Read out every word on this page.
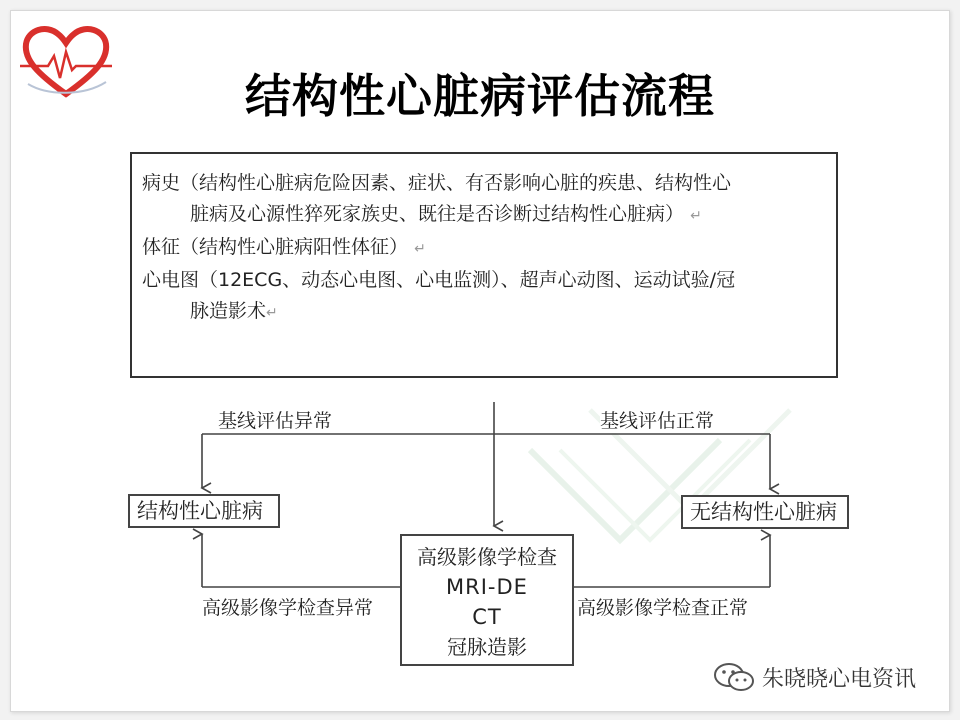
结构性心脏病评估流程
病史（结构性心脏病危险因素、症状、有否影响心脏的疾患、结构性心
脏病及心源性猝死家族史、既往是否诊断过结构性心脏病） ↵
体征（结构性心脏病阳性体征） ↵
心电图（12ECG、动态心电图、心电监测）、超声心动图、运动试验/冠
脉造影术↵
基线评估异常	基线评估正常
高级影像学检查异常	高级影像学检查正常
结构性心脏病	无结构性心脏病
高级影像学检查
MRI-DE
CT
冠脉造影
朱晓晓心电资讯
